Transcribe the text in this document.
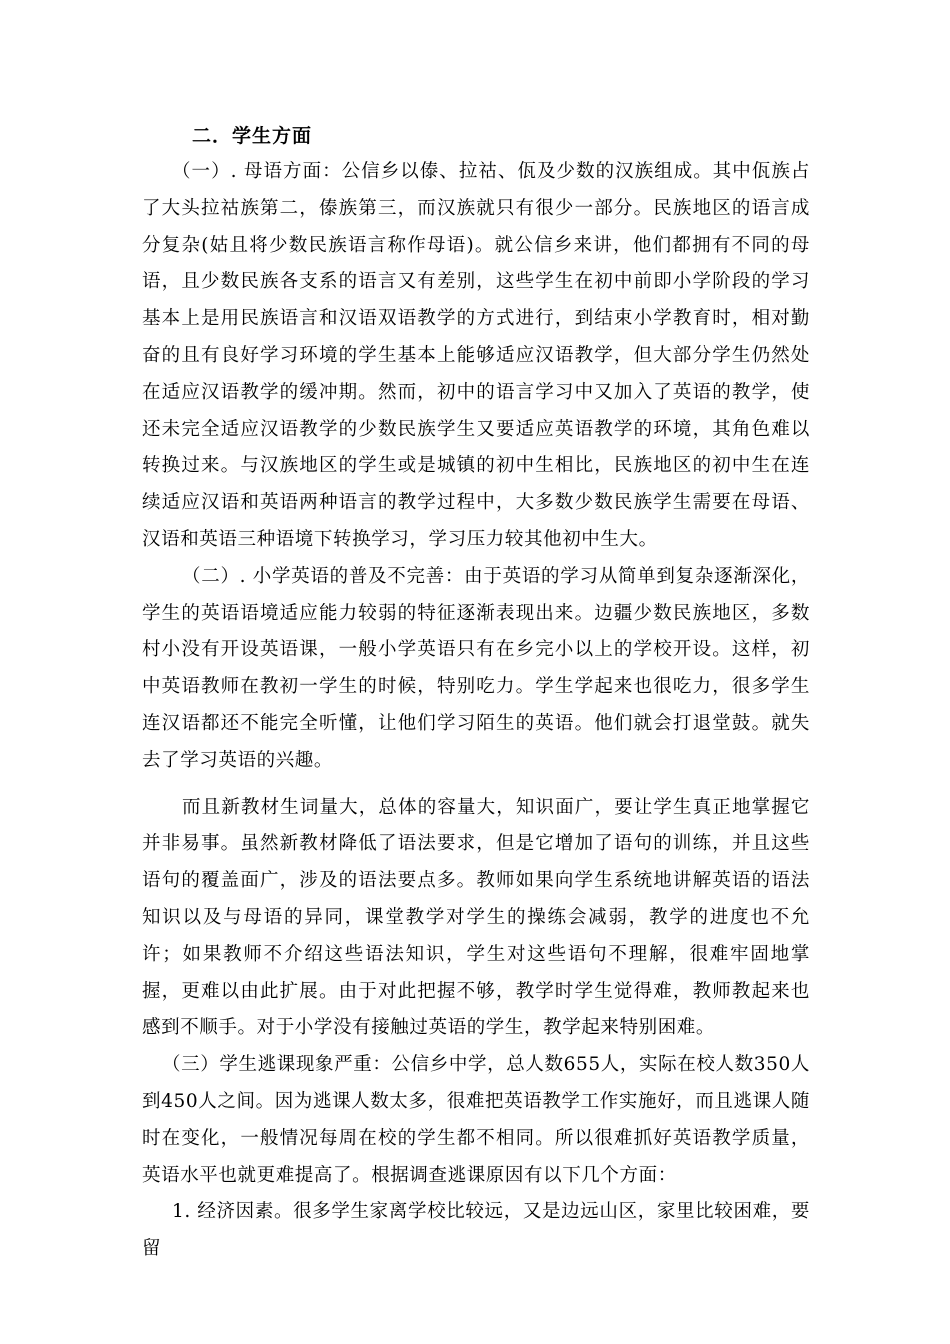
二．学生方面

（一）. 母语方面：公信乡以傣、拉祜、佤及少数的汉族组成。其中佤族占了大头拉祜族第二，傣族第三，而汉族就只有很少一部分。民族地区的语言成分复杂(姑且将少数民族语言称作母语)。就公信乡来讲，他们都拥有不同的母语，且少数民族各支系的语言又有差别，这些学生在初中前即小学阶段的学习基本上是用民族语言和汉语双语教学的方式进行，到结束小学教育时，相对勤奋的且有良好学习环境的学生基本上能够适应汉语教学，但大部分学生仍然处在适应汉语教学的缓冲期。然而，初中的语言学习中又加入了英语的教学，使还未完全适应汉语教学的少数民族学生又要适应英语教学的环境，其角色难以转换过来。与汉族地区的学生或是城镇的初中生相比，民族地区的初中生在连续适应汉语和英语两种语言的教学过程中，大多数少数民族学生需要在母语、汉语和英语三种语境下转换学习，学习压力较其他初中生大。

（二）. 小学英语的普及不完善：由于英语的学习从简单到复杂逐渐深化，学生的英语语境适应能力较弱的特征逐渐表现出来。边疆少数民族地区，多数村小没有开设英语课，一般小学英语只有在乡完小以上的学校开设。这样，初中英语教师在教初一学生的时候，特别吃力。学生学起来也很吃力，很多学生连汉语都还不能完全听懂，让他们学习陌生的英语。他们就会打退堂鼓。就失去了学习英语的兴趣。

而且新教材生词量大，总体的容量大，知识面广，要让学生真正地掌握它并非易事。虽然新教材降低了语法要求，但是它增加了语句的训练，并且这些语句的覆盖面广，涉及的语法要点多。教师如果向学生系统地讲解英语的语法知识以及与母语的异同，课堂教学对学生的操练会减弱，教学的进度也不允许；如果教师不介绍这些语法知识，学生对这些语句不理解，很难牢固地掌握，更难以由此扩展。由于对此把握不够，教学时学生觉得难，教师教起来也感到不顺手。对于小学没有接触过英语的学生，教学起来特别困难。

（三）学生逃课现象严重：公信乡中学，总人数655人，实际在校人数350人到450人之间。因为逃课人数太多，很难把英语教学工作实施好，而且逃课人随时在变化，一般情况每周在校的学生都不相同。所以很难抓好英语教学质量，英语水平也就更难提高了。根据调查逃课原因有以下几个方面：

1. 经济因素。很多学生家离学校比较远，又是边远山区，家里比较困难，要留
